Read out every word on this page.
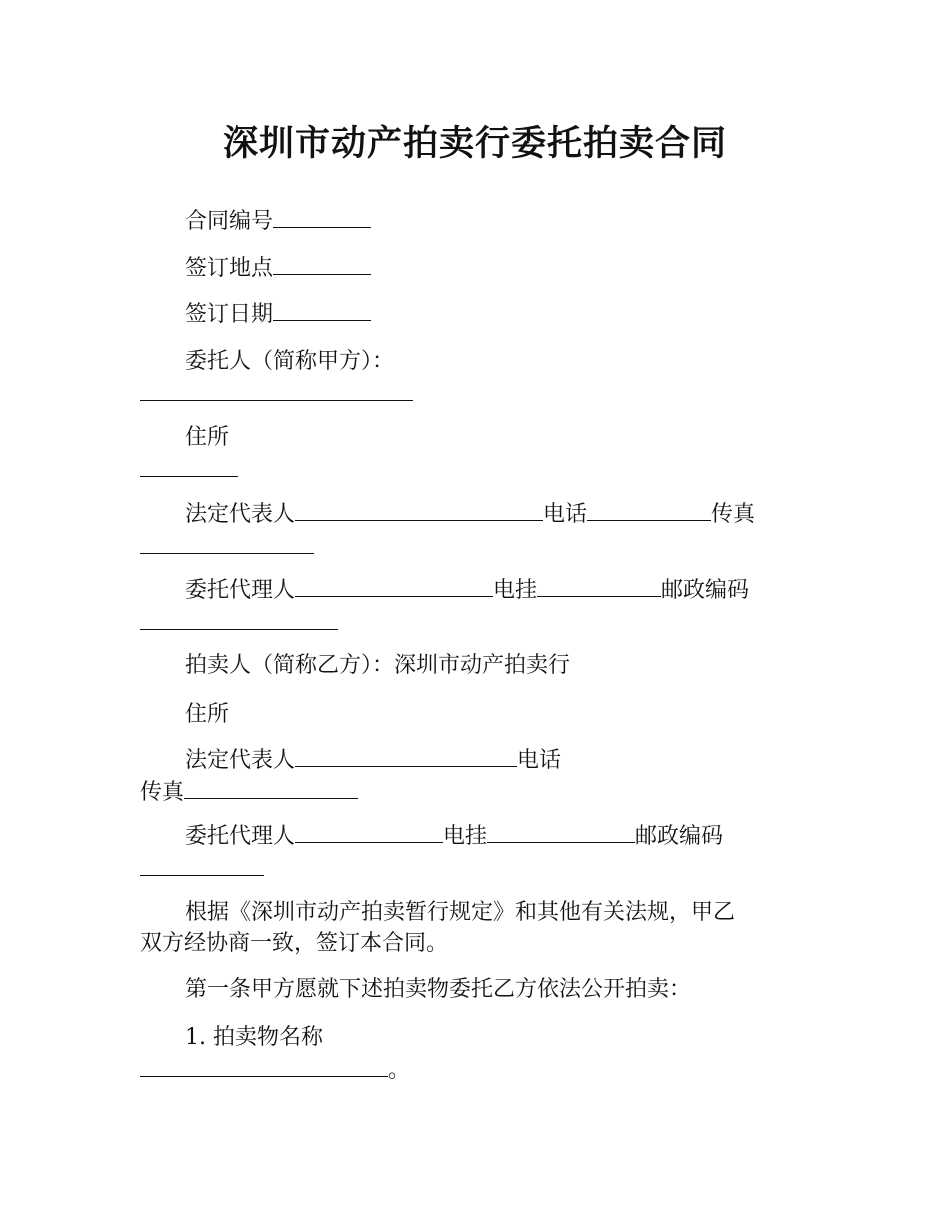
深圳市动产拍卖行委托拍卖合同
合同编号
签订地点
签订日期
委托人（简称甲方）：
住所
法定代表人	电话	传真
委托代理人	电挂	邮政编码
拍卖人（简称乙方）：深圳市动产拍卖行
住所
法定代表人	电话
传真
委托代理人	电挂	邮政编码
根据《深圳市动产拍卖暂行规定》和其他有关法规，甲乙
双方经协商一致，签订本合同。
第一条甲方愿就下述拍卖物委托乙方依法公开拍卖：
1. 拍卖物名称
。
